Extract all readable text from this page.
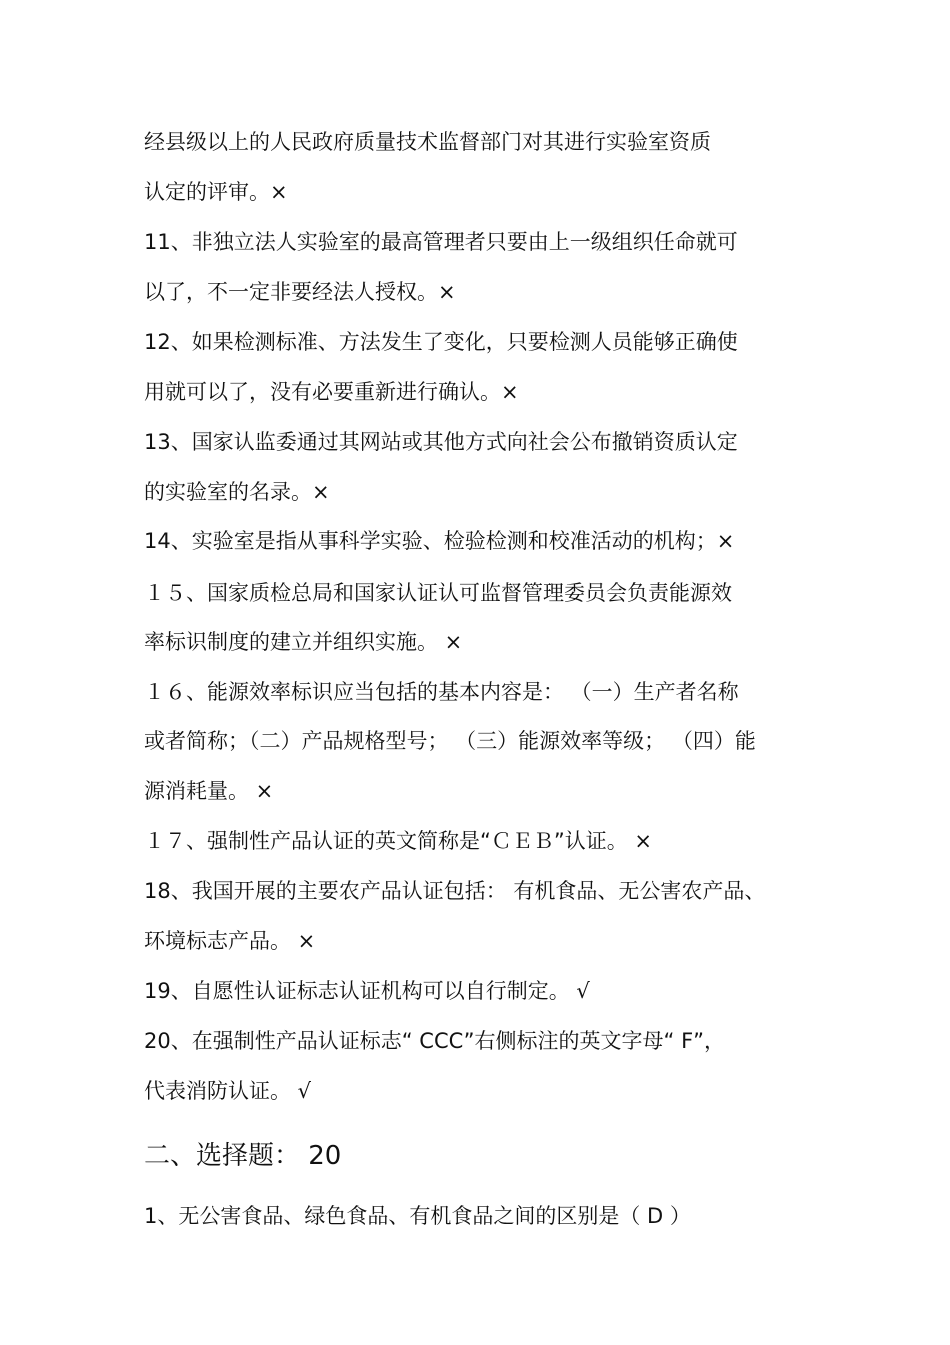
经县级以上的人民政府质量技术监督部门对其进行实验室资质
认定的评审。×
11、非独立法人实验室的最高管理者只要由上一级组织任命就可
以了，不一定非要经法人授权。×
12、如果检测标准、方法发生了变化，只要检测人员能够正确使
用就可以了，没有必要重新进行确认。×
13、国家认监委通过其网站或其他方式向社会公布撤销资质认定
的实验室的名录。×
14、实验室是指从事科学实验、检验检测和校准活动的机构；×
１５、国家质检总局和国家认证认可监督管理委员会负责能源效
率标识制度的建立并组织实施。 ×
１６、能源效率标识应当包括的基本内容是： （一）生产者名称
或者简称；（二）产品规格型号； （三）能源效率等级； （四）能
源消耗量。 ×
１７、强制性产品认证的英文简称是“ＣＥＢ”认证。 ×
18、我国开展的主要农产品认证包括： 有机食品、无公害农产品、
环境标志产品。 ×
19、自愿性认证标志认证机构可以自行制定。 √
20、在强制性产品认证标志“ CCC”右侧标注的英文字母“ F”，
代表消防认证。 √
二、选择题： 20
1、无公害食品、绿色食品、有机食品之间的区别是（ D ）
